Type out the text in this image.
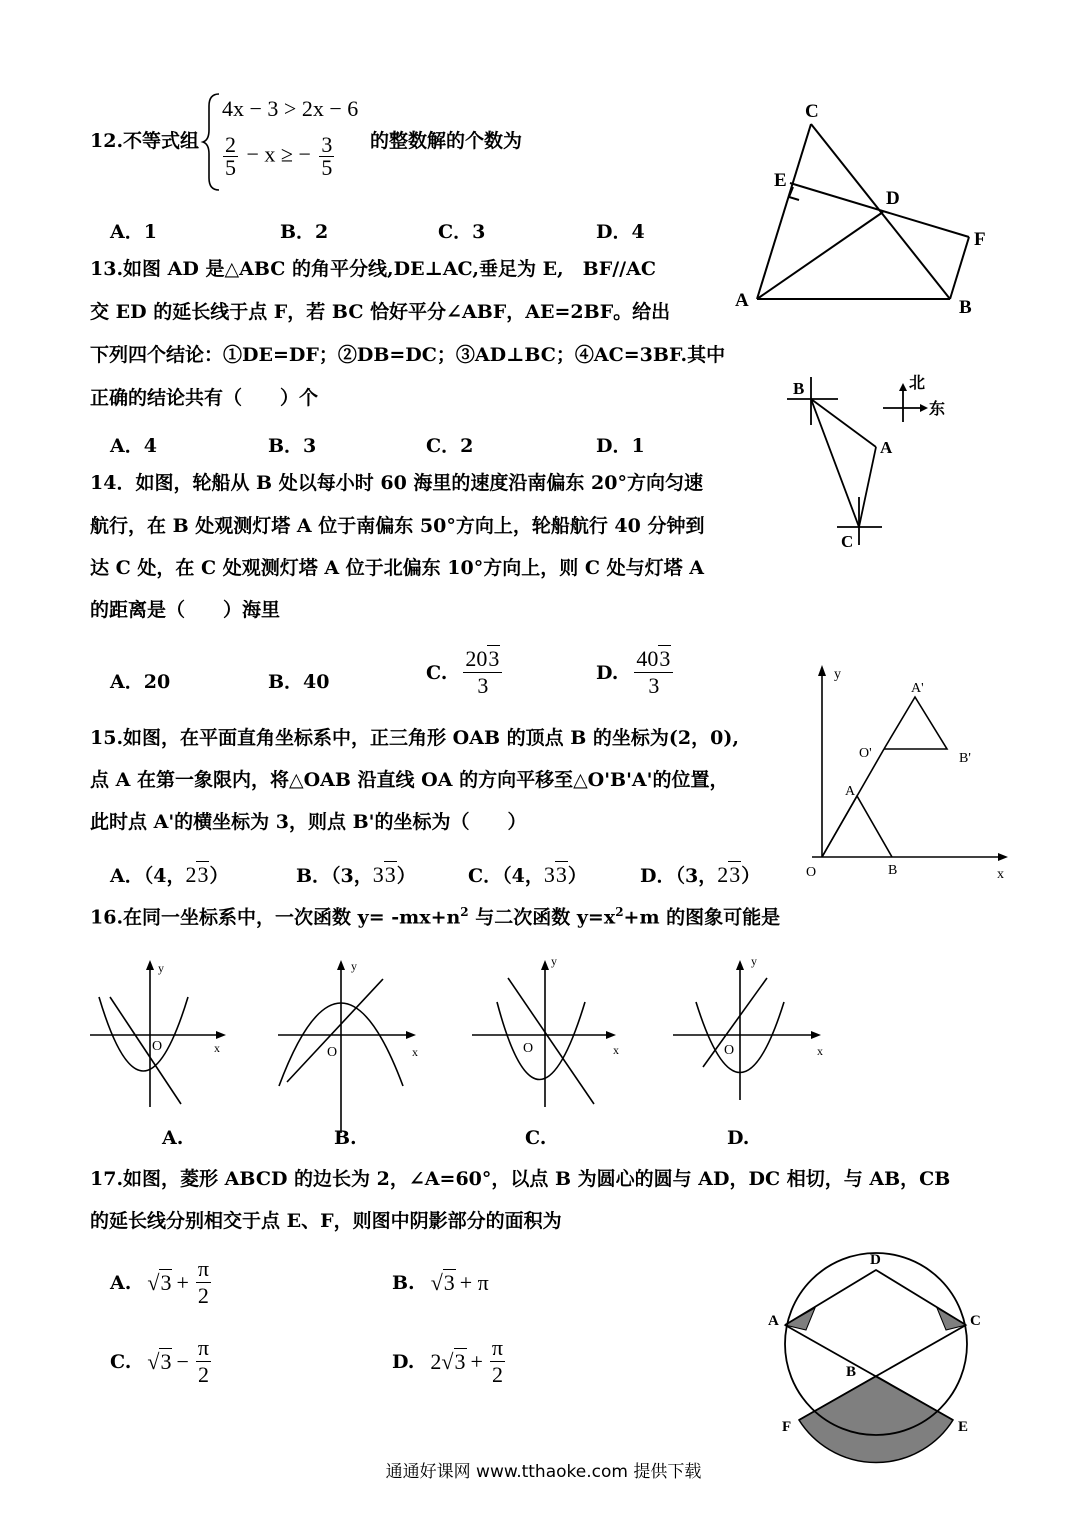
12.不等式组
4x − 3 > 2x − 6
$\frac{2}{5} - x$ ≥ − $\frac{3}{5}$ 的整数解的个数为
A．1	B．2	C．3	D．4
13.如图 AD 是△ABC 的角平分线,DE⊥AC,垂足为 E,　BF//AC
交 ED 的延长线于点 F，若 BC 恰好平分∠ABF，AE=2BF。给出
下列四个结论：①DE=DF；②DB=DC；③AD⊥BC；④AC=3BF.其中
正确的结论共有（　　）个
A．4	B．3	C．2	D．1
C
E
D
F
A	B
14．如图，轮船从 B 处以每小时 60 海里的速度沿南偏东 20°方向匀速
航行，在 B 处观测灯塔 A 位于南偏东 50°方向上，轮船航行 40 分钟到
达 C 处，在 C 处观测灯塔 A 位于北偏东 10°方向上，则 C 处与灯塔 A
的距离是（　　）海里
A．20	B．40	C. $\frac{203}{3}$	D. $\frac{403}{3}$
B
A
C
北
东
15.如图，在平面直角坐标系中，正三角形 OAB 的顶点 B 的坐标为(2，0),
点 A 在第一象限内，将△OAB 沿直线 OA 的方向平移至△O'B'A'的位置，
此时点 A'的横坐标为 3，则点 B'的坐标为（　　）
A．（4，23）	B．（3，33）	C．（4，33）	D．（3，23）
y
x
O
A
B
O'
A'
B'
16.在同一坐标系中，一次函数 $y= -mx+n^2$ 与二次函数 $y=x^2+m$ 的图象可能是
y
x
O
y
x
O
y
x
O
y
x
O
A.	B.	C.	D.
17.如图，菱形 ABCD 的边长为 2，∠A=60°，以点 B 为圆心的圆与 AD，DC 相切，与 AB，CB
的延长线分别相交于点 E、F，则图中阴影部分的面积为
A. $√3 + \frac{\pi}{2}$	B. √3 + π
C. $√3 - \frac{\pi}{2}$	D. 2 $√3 + \frac{\pi}{2}$
D
A	C
B
F	E
通通好课网 www.tthaoke.com 提供下载
